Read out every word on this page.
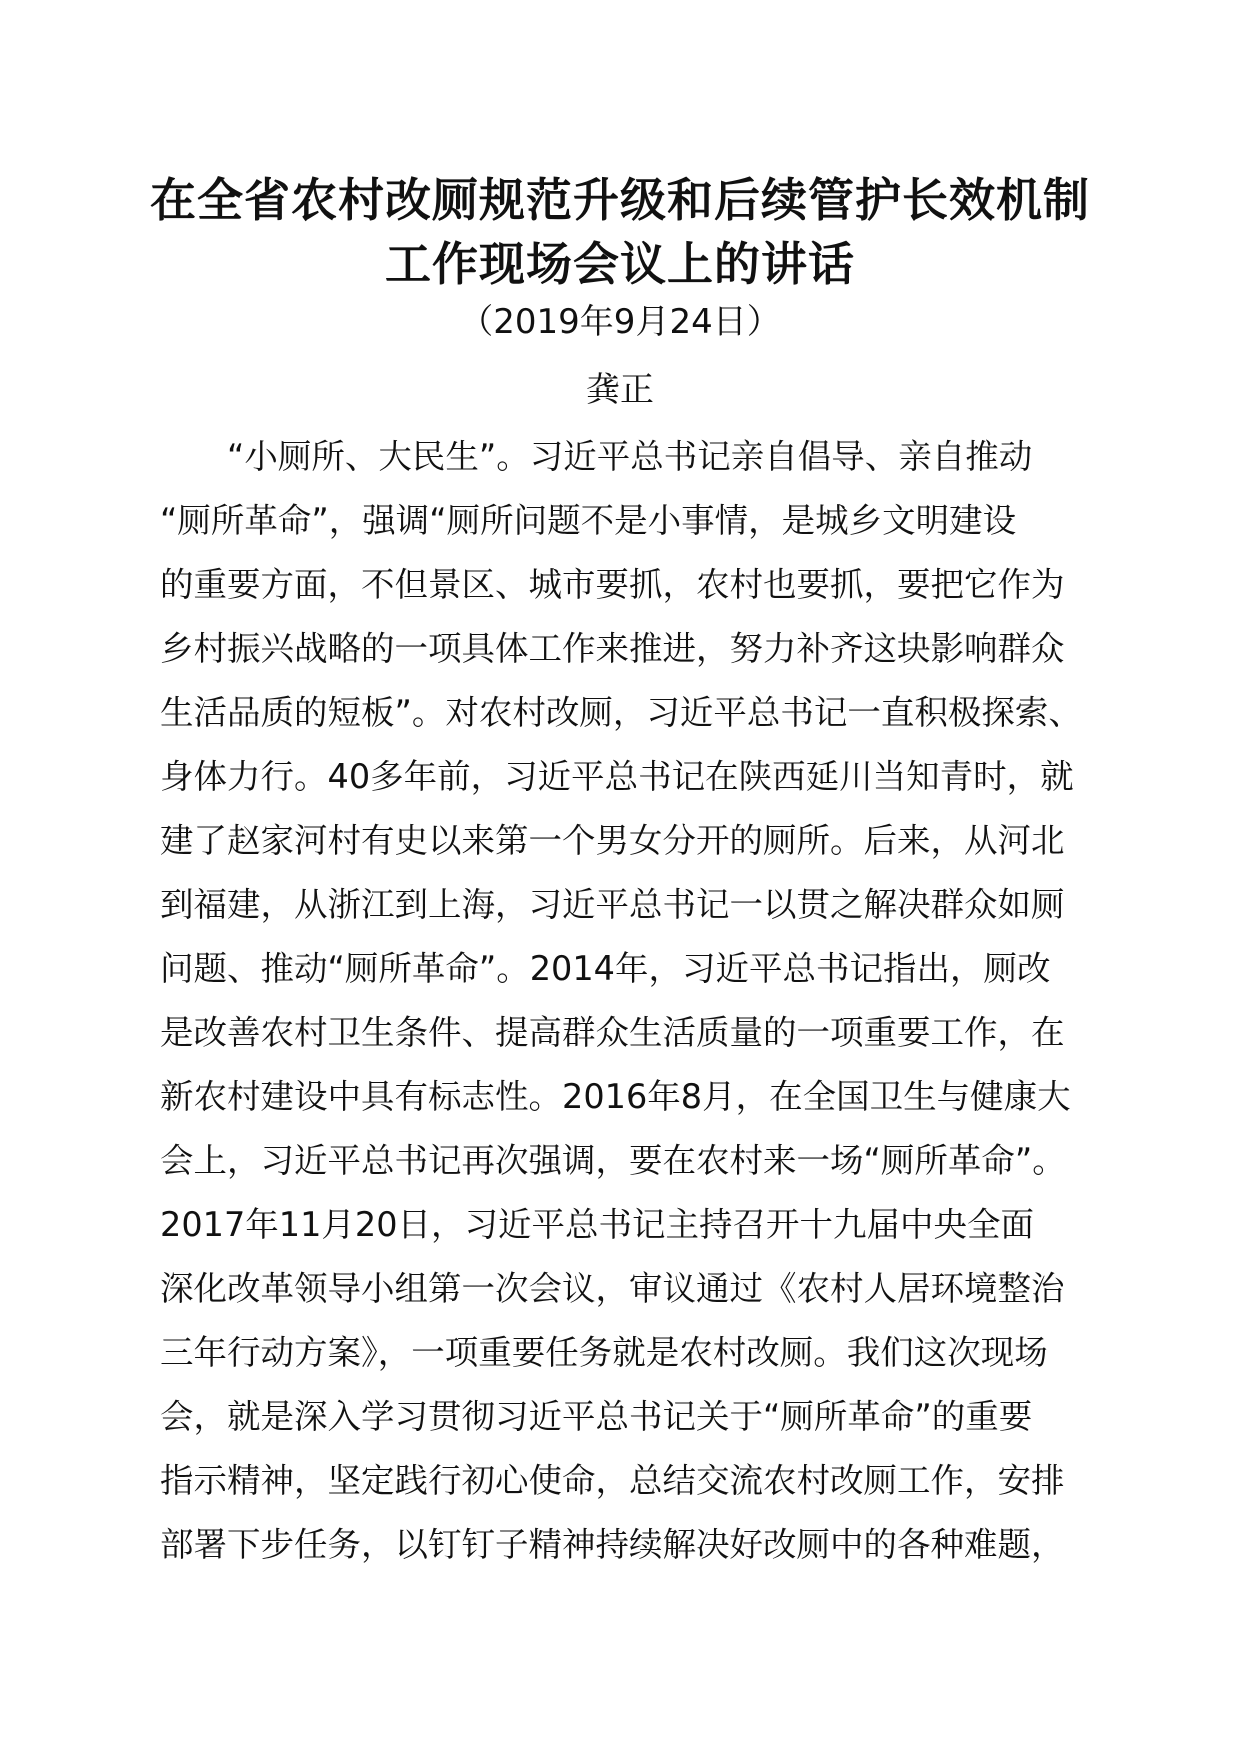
在全省农村改厕规范升级和后续管护长效机制
工作现场会议上的讲话
（2019年9月24日）
龚正
“小厕所、大民生”。习近平总书记亲自倡导、亲自推动
“厕所革命”，强调“厕所问题不是小事情，是城乡文明建设
的重要方面，不但景区、城市要抓，农村也要抓，要把它作为
乡村振兴战略的一项具体工作来推进，努力补齐这块影响群众
生活品质的短板”。对农村改厕，习近平总书记一直积极探索、
身体力行。40多年前，习近平总书记在陕西延川当知青时，就
建了赵家河村有史以来第一个男女分开的厕所。后来，从河北
到福建，从浙江到上海，习近平总书记一以贯之解决群众如厕
问题、推动“厕所革命”。2014年，习近平总书记指出，厕改
是改善农村卫生条件、提高群众生活质量的一项重要工作，在
新农村建设中具有标志性。2016年8月，在全国卫生与健康大
会上，习近平总书记再次强调，要在农村来一场“厕所革命”。
2017年11月20日，习近平总书记主持召开十九届中央全面
深化改革领导小组第一次会议，审议通过《农村人居环境整治
三年行动方案》，一项重要任务就是农村改厕。我们这次现场
会，就是深入学习贯彻习近平总书记关于“厕所革命”的重要
指示精神，坚定践行初心使命，总结交流农村改厕工作，安排
部署下步任务，以钉钉子精神持续解决好改厕中的各种难题，
